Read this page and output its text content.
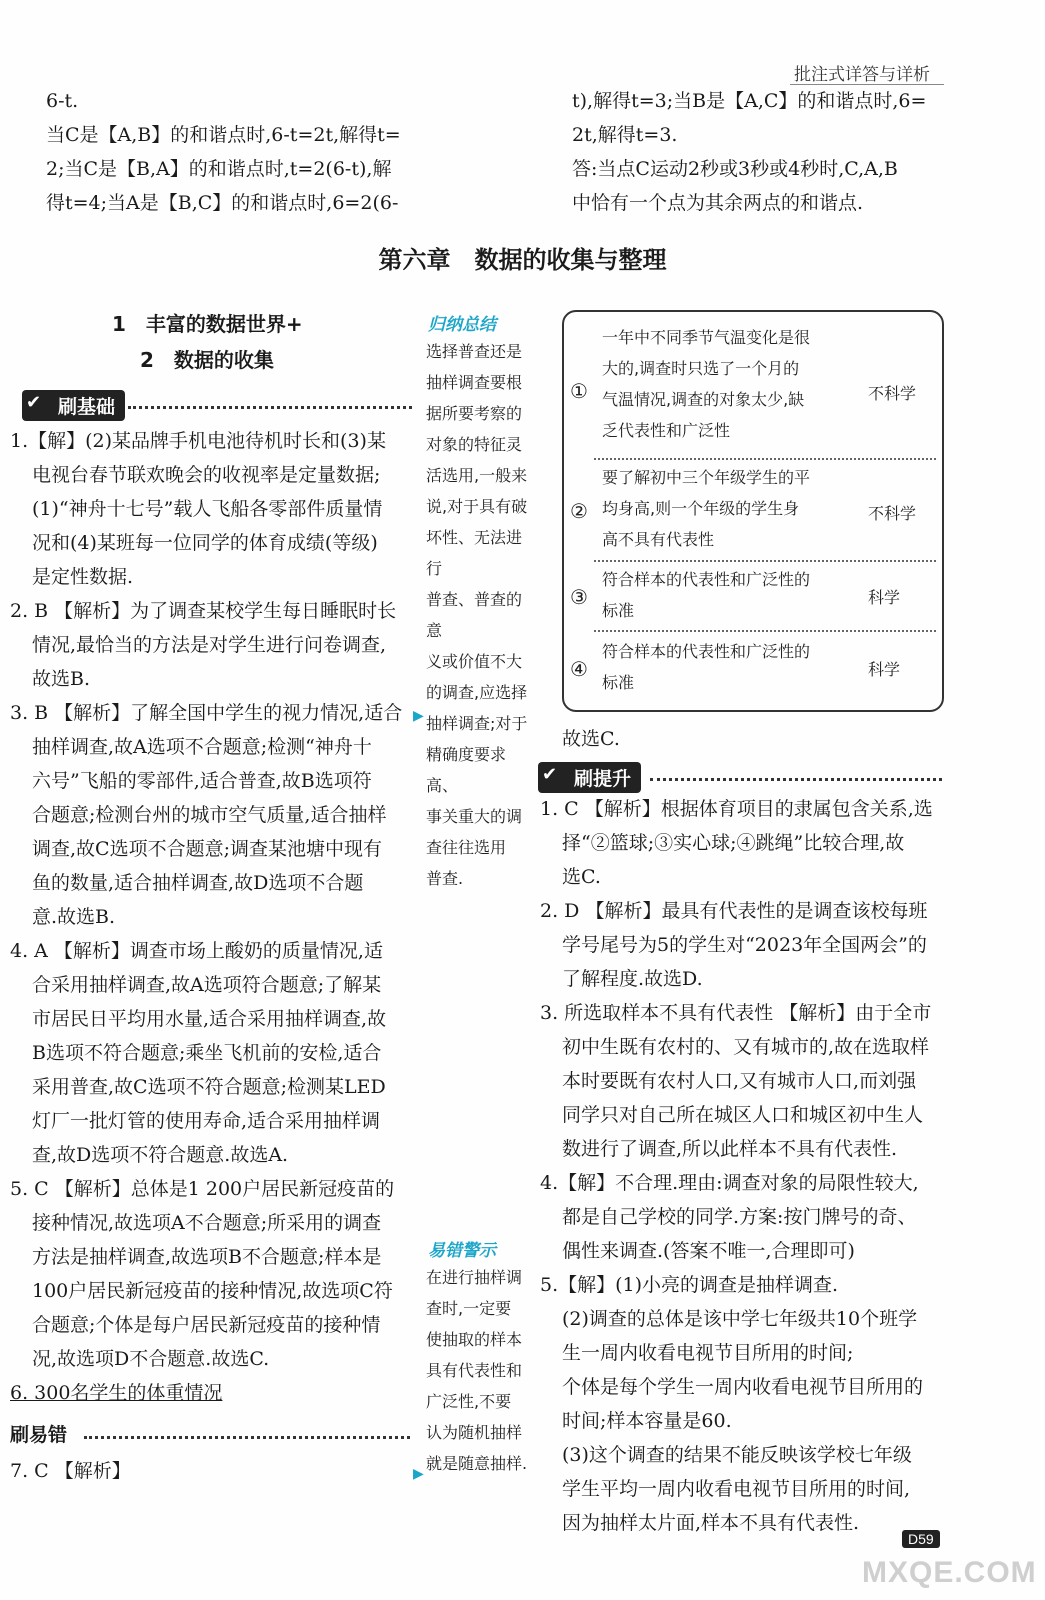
批注式详答与详析
6-t.
当C是【A,B】的和谐点时,6-t=2t,解得t=
2;当C是【B,A】的和谐点时,t=2(6-t),解
得t=4;当A是【B,C】的和谐点时,6=2(6-
t),解得t=3;当B是【A,C】的和谐点时,6=
2t,解得t=3.
答:当点C运动2秒或3秒或4秒时,C,A,B
中恰有一个点为其余两点的和谐点.
第六章　数据的收集与整理
1　丰富的数据世界+
2　数据的收集
✔ 刷基础
1.【解】(2)某品牌手机电池待机时长和(3)某
电视台春节联欢晚会的收视率是定量数据;
(1)“神舟十七号”载人飞船各零部件质量情
况和(4)某班每一位同学的体育成绩(等级)
是定性数据.
2. B 【解析】为了调查某校学生每日睡眠时长
情况,最恰当的方法是对学生进行问卷调查,
故选B.
3. B 【解析】了解全国中学生的视力情况,适合
抽样调查,故A选项不合题意;检测“神舟十
六号”飞船的零部件,适合普查,故B选项符
合题意;检测台州的城市空气质量,适合抽样
调查,故C选项不合题意;调查某池塘中现有
鱼的数量,适合抽样调查,故D选项不合题
意.故选B.
4. A 【解析】调查市场上酸奶的质量情况,适
合采用抽样调查,故A选项符合题意;了解某
市居民日平均用水量,适合采用抽样调查,故
B选项不符合题意;乘坐飞机前的安检,适合
采用普查,故C选项不符合题意;检测某LED
灯厂一批灯管的使用寿命,适合采用抽样调
查,故D选项不符合题意.故选A.
5. C 【解析】总体是1 200户居民新冠疫苗的
接种情况,故选项A不合题意;所采用的调查
方法是抽样调查,故选项B不合题意;样本是
100户居民新冠疫苗的接种情况,故选项C符
合题意;个体是每户居民新冠疫苗的接种情
况,故选项D不合题意.故选C.
6. 300名学生的体重情况
刷易错
7. C 【解析】
归纳总结
选择普查还是
抽样调查要根
据所要考察的
对象的特征灵
活选用,一般来
说,对于具有破
坏性、无法进行
普查、普查的意
义或价值不大
的调查,应选择
抽样调查;对于
精确度要求高、
事关重大的调
查往往选用
普查.
▶
易错警示
在进行抽样调
查时,一定要
使抽取的样本
具有代表性和
广泛性,不要
认为随机抽样
就是随意抽样.
▶
①
一年中不同季节气温变化是很
大的,调查时只选了一个月的
气温情况,调查的对象太少,缺
乏代表性和广泛性
不科学
②
要了解初中三个年级学生的平
均身高,则一个年级的学生身
高不具有代表性
不科学
③
符合样本的代表性和广泛性的
标准
科学
④
符合样本的代表性和广泛性的
标准
科学
故选C.
✔ 刷提升
1. C 【解析】根据体育项目的隶属包含关系,选
择“②篮球;③实心球;④跳绳”比较合理,故
选C.
2. D 【解析】最具有代表性的是调查该校每班
学号尾号为5的学生对“2023年全国两会”的
了解程度.故选D.
3. 所选取样本不具有代表性 【解析】由于全市
初中生既有农村的、又有城市的,故在选取样
本时要既有农村人口,又有城市人口,而刘强
同学只对自己所在城区人口和城区初中生人
数进行了调查,所以此样本不具有代表性.
4.【解】不合理.理由:调查对象的局限性较大,
都是自己学校的同学.方案:按门牌号的奇、
偶性来调查.(答案不唯一,合理即可)
5.【解】(1)小亮的调查是抽样调查.
(2)调查的总体是该中学七年级共10个班学
生一周内收看电视节目所用的时间;
个体是每个学生一周内收看电视节目所用的
时间;样本容量是60.
(3)这个调查的结果不能反映该学校七年级
学生平均一周内收看电视节目所用的时间,
因为抽样太片面,样本不具有代表性.
D59
MXQE.COM
